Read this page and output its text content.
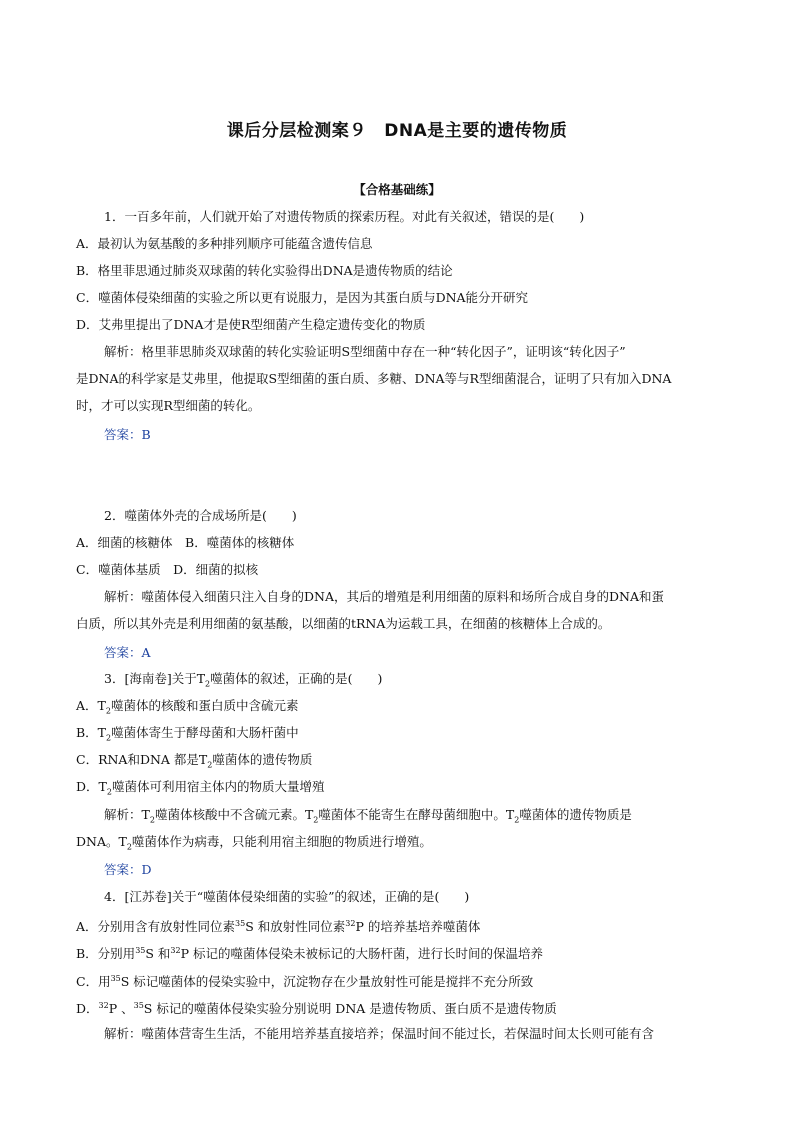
课后分层检测案９　DNA是主要的遗传物质
【合格基础练】
1．一百多年前，人们就开始了对遗传物质的探索历程。对此有关叙述，错误的是(　　)
A．最初认为氨基酸的多种排列顺序可能蕴含遗传信息
B．格里菲思通过肺炎双球菌的转化实验得出DNA是遗传物质的结论
C．噬菌体侵染细菌的实验之所以更有说服力，是因为其蛋白质与DNA能分开研究
D．艾弗里提出了DNA才是使R型细菌产生稳定遗传变化的物质
解析：格里菲思肺炎双球菌的转化实验证明S型细菌中存在一种“转化因子”，证明该“转化因子”
是DNA的科学家是艾弗里，他提取S型细菌的蛋白质、多糖、DNA等与R型细菌混合，证明了只有加入DNA
时，才可以实现R型细菌的转化。
答案：B
2．噬菌体外壳的合成场所是(　　)
A．细菌的核糖体　B．噬菌体的核糖体
C．噬菌体基质　D．细菌的拟核
解析：噬菌体侵入细菌只注入自身的DNA，其后的增殖是利用细菌的原料和场所合成自身的DNA和蛋
白质，所以其外壳是利用细菌的氨基酸，以细菌的tRNA为运载工具，在细菌的核糖体上合成的。
答案：A
3．[海南卷]关于$T_2$噬菌体的叙述，正确的是(　　)
A．$T_2$噬菌体的核酸和蛋白质中含硫元素
B．$T_2$噬菌体寄生于酵母菌和大肠杆菌中
C．RNA和DNA 都是$T_2$噬菌体的遗传物质
D．$T_2$噬菌体可利用宿主体内的物质大量增殖
解析：$T_2$噬菌体核酸中不含硫元素。$T_2$噬菌体不能寄生在酵母菌细胞中。$T_2$噬菌体的遗传物质是
DNA。$T_2$噬菌体作为病毒，只能利用宿主细胞的物质进行增殖。
答案：D
4．[江苏卷]关于“噬菌体侵染细菌的实验”的叙述，正确的是(　　)
A．分别用含有放射性同位素$^{35}$S 和放射性同位素$^{32}$P 的培养基培养噬菌体
B．分别用$^{35}$S 和$^{32}$P 标记的噬菌体侵染未被标记的大肠杆菌，进行长时间的保温培养
C．用$^{35}$S 标记噬菌体的侵染实验中，沉淀物存在少量放射性可能是搅拌不充分所致
D．$^{32}$P 、$^{35}$S 标记的噬菌体侵染实验分别说明 DNA 是遗传物质、蛋白质不是遗传物质
解析：噬菌体营寄生生活，不能用培养基直接培养；保温时间不能过长，若保温时间太长则可能有含
